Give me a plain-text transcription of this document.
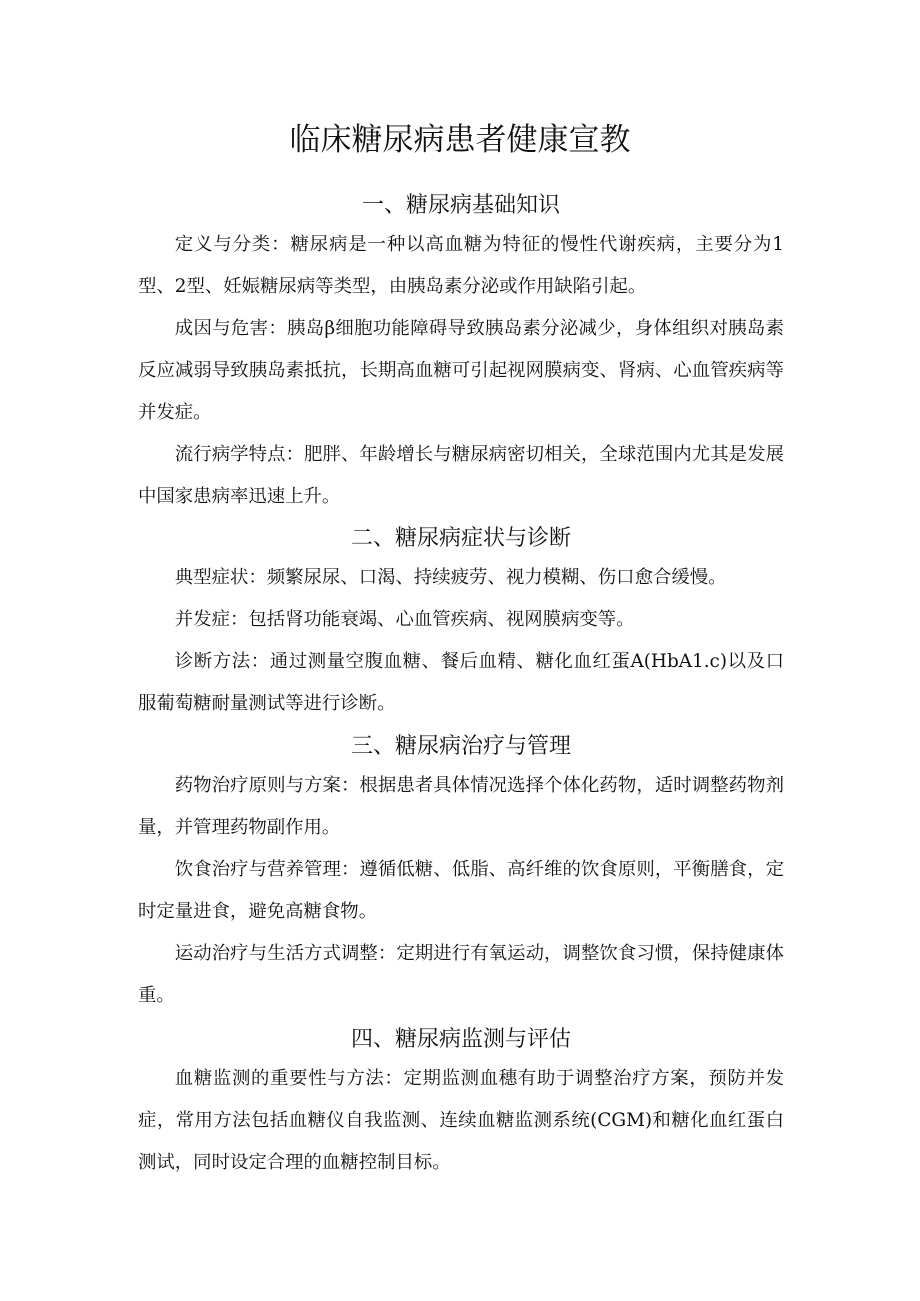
临床糖尿病患者健康宣教
一、糖尿病基础知识

定义与分类：糖尿病是一种以高血糖为特征的慢性代谢疾病，主要分为1型、2型、妊娠糖尿病等类型，由胰岛素分泌或作用缺陷引起。

成因与危害：胰岛β细胞功能障碍导致胰岛素分泌减少，身体组织对胰岛素反应减弱导致胰岛素抵抗，长期高血糖可引起视网膜病变、肾病、心血管疾病等并发症。

流行病学特点：肥胖、年龄增长与糖尿病密切相关，全球范围内尤其是发展中国家患病率迅速上升。

二、糖尿病症状与诊断

典型症状：频繁尿尿、口渴、持续疲劳、视力模糊、伤口愈合缓慢。

并发症：包括肾功能衰竭、心血管疾病、视网膜病变等。

诊断方法：通过测量空腹血糖、餐后血精、糖化血红蛋A(HbA1.c)以及口服葡萄糖耐量测试等进行诊断。

三、糖尿病治疗与管理

药物治疗原则与方案：根据患者具体情况选择个体化药物，适时调整药物剂量，并管理药物副作用。

饮食治疗与营养管理：遵循低糖、低脂、高纤维的饮食原则，平衡膳食，定时定量进食，避免高糖食物。

运动治疗与生活方式调整：定期进行有氧运动，调整饮食习惯，保持健康体重。

四、糖尿病监测与评估

血糖监测的重要性与方法：定期监测血穗有助于调整治疗方案，预防并发症，常用方法包括血糖仪自我监测、连续血糖监测系统(CGM)和糖化血红蛋白测试，同时设定合理的血糖控制目标。
